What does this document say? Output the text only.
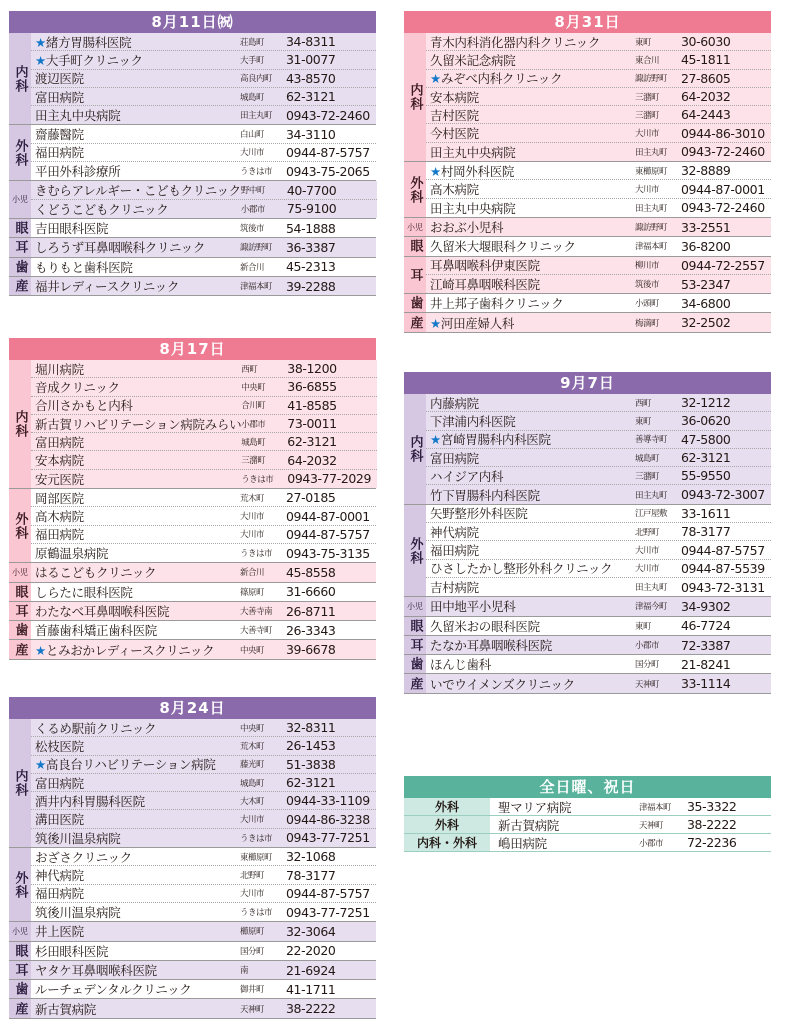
8月11日㈷
内科
★緒方胃腸科医院	荘島町	34-8311
★大手町クリニック	大手町	31-0077
渡辺医院	高良内町	43-8570
富田病院	城島町	62-3121
田主丸中央病院	田主丸町	0943-72-2460
外科
齋藤醫院	白山町	34-3110
福田病院	大川市	0944-87-5757
平田外科診療所	うきは市	0943-75-2065
小児
きむらアレルギー・こどもクリニック 野中町	40-7700
くどうこどもクリニック	小郡市	75-9100
眼 吉田眼科医院	筑後市	54-1888
耳 しろうず耳鼻咽喉科クリニック	諏訪野町	36-3387
歯 もりもと歯科医院	新合川	45-2313
産 福井レディースクリニック	津福本町	39-2288
8月17日
内科
堀川病院	西町	38-1200
音成クリニック	中央町	36-6855
合川さかもと内科	合川町	41-8585
新古賀リハビリテーション病院みらい 小郡市	73-0011
富田病院	城島町	62-3121
安本病院	三潴町	64-2032
安元医院	うきは市	0943-77-2029
外科
岡部医院	荒木町	27-0185
高木病院	大川市	0944-87-0001
福田病院	大川市	0944-87-5757
原鶴温泉病院	うきは市	0943-75-3135
小児 はるこどもクリニック	新合川	45-8558
眼 しらたに眼科医院	篠原町	31-6660
耳 わたなべ耳鼻咽喉科医院	大善寺南	26-8711
歯 首藤歯科矯正歯科医院	大善寺町	26-3343
産 ★とみおかレディースクリニック	中央町	39-6678
8月24日
内科
くるめ駅前クリニック	中央町	32-8311
松枝医院	荒木町	26-1453
★高良台リハビリテーション病院	藤光町	51-3838
富田病院	城島町	62-3121
酒井内科胃腸科医院	大木町	0944-33-1109
溝田医院	大川市	0944-86-3238
筑後川温泉病院	うきは市	0943-77-7251
外科
おざさクリニック	東櫛原町	32-1068
神代病院	北野町	78-3177
福田病院	大川市	0944-87-5757
筑後川温泉病院	うきは市	0943-77-7251
小児 井上医院	櫛原町	32-3064
眼 杉田眼科医院	国分町	22-2020
耳 ヤタケ耳鼻咽喉科医院	南	21-6924
歯 ルーチェデンタルクリニック	御井町	41-1711
産 新古賀病院	天神町	38-2222
8月31日
内科
青木内科消化器内科クリニック	東町	30-6030
久留米記念病院	東合川	45-1811
★みぞべ内科クリニック	諏訪野町	27-8605
安本病院	三潴町	64-2032
吉村医院	三潴町	64-2443
今村医院	大川市	0944-86-3010
田主丸中央病院	田主丸町	0943-72-2460
外科
★村岡外科医院	東櫛原町	32-8889
高木病院	大川市	0944-87-0001
田主丸中央病院	田主丸町	0943-72-2460
小児 おおぶ小児科	諏訪野町	33-2551
眼 久留米大堰眼科クリニック	津福本町	36-8200
耳
耳鼻咽喉科伊東医院	柳川市	0944-72-2557
江崎耳鼻咽喉科医院	筑後市	53-2347
歯 井上邦子歯科クリニック	小頭町	34-6800
産 ★河田産婦人科	梅満町	32-2502
9月7日
内科
内藤病院	西町	32-1212
下津浦内科医院	東町	36-0620
★宮崎胃腸科内科医院	善導寺町	47-5800
富田病院	城島町	62-3121
ハイジア内科	三潴町	55-9550
竹下胃腸科内科医院	田主丸町	0943-72-3007
外科
矢野整形外科医院	江戸屋敷	33-1611
神代病院	北野町	78-3177
福田病院	大川市	0944-87-5757
ひさしたかし整形外科クリニック	大川市	0944-87-5539
吉村病院	田主丸町	0943-72-3131
小児 田中地平小児科	津福今町	34-9302
眼 久留米おの眼科医院	東町	46-7724
耳 たなか耳鼻咽喉科医院	小郡市	72-3387
歯 ほんじ歯科	国分町	21-8241
産 いでウイメンズクリニック	天神町	33-1114
全日曜、祝日
外科	聖マリア病院	津福本町	35-3322
外科	新古賀病院	天神町	38-2222
内科・外科	嶋田病院	小郡市	72-2236
